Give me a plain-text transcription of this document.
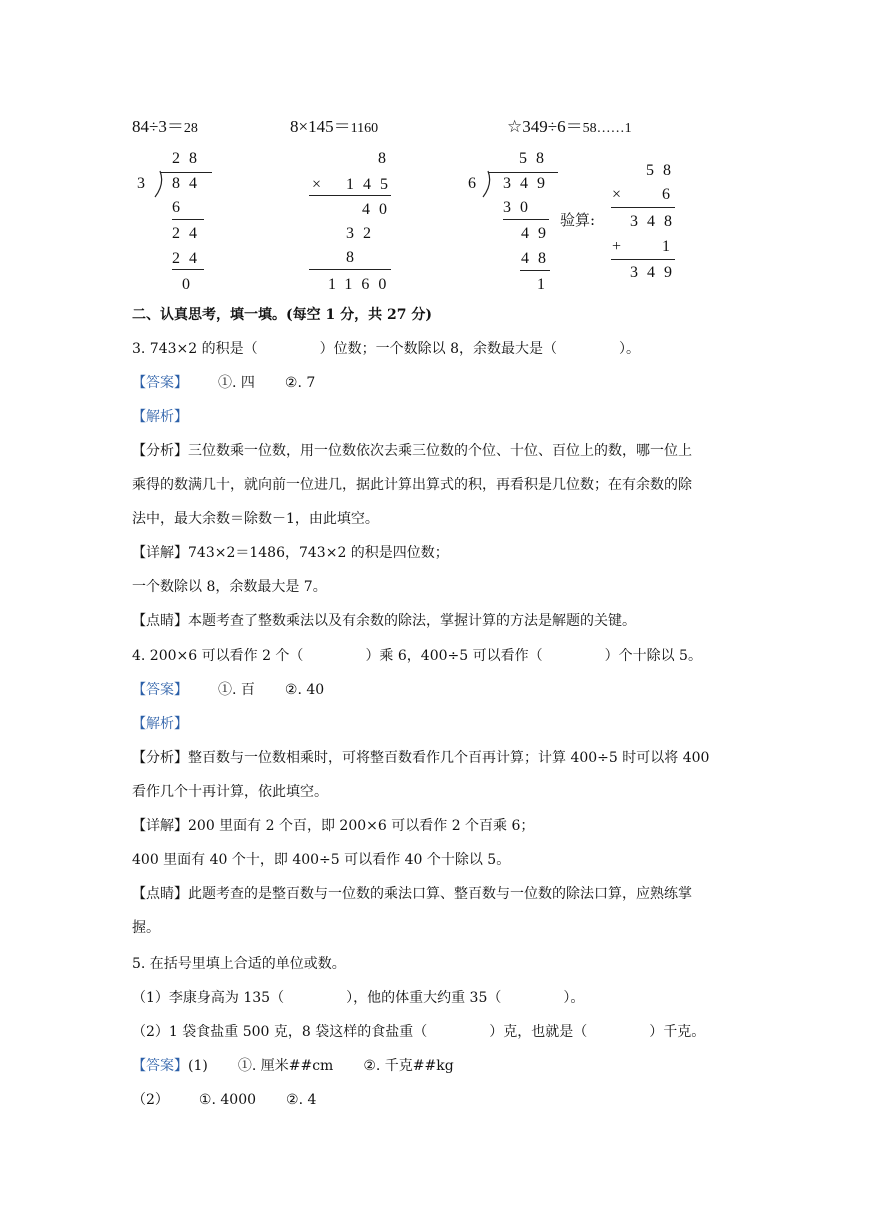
84÷3＝28	8×145＝1160	☆349÷6＝58……1
28
3 84
6
24
24
0
8
× 145
40
32
8
1160
58
6 349
30
49
48
1
验算:
58
× 6
348
+ 1
349
二、认真思考，填一填。(每空 1 分，共 27 分)
3. 743×2 的积是（	）位数；一个数除以 8，余数最大是（	）。
【答案】 ①. 四 ②. 7
【解析】
【分析】三位数乘一位数，用一位数依次去乘三位数的个位、十位、百位上的数，哪一位上
乘得的数满几十，就向前一位进几，据此计算出算式的积，再看积是几位数；在有余数的除
法中，最大余数＝除数－1，由此填空。
【详解】743×2＝1486，743×2 的积是四位数；
一个数除以 8，余数最大是 7。
【点睛】本题考查了整数乘法以及有余数的除法，掌握计算的方法是解题的关键。
4. 200×6 可以看作 2 个（	）乘 6，400÷5 可以看作（	）个十除以 5。
【答案】 ①. 百 ②. 40
【解析】
【分析】整百数与一位数相乘时，可将整百数看作几个百再计算；计算 400÷5 时可以将 400
看作几个十再计算，依此填空。
【详解】200 里面有 2 个百，即 200×6 可以看作 2 个百乘 6；
400 里面有 40 个十，即 400÷5 可以看作 40 个十除以 5。
【点睛】此题考查的是整百数与一位数的乘法口算、整百数与一位数的除法口算，应熟练掌
握。
5. 在括号里填上合适的单位或数。
（1）李康身高为 135（	），他的体重大约重 35（	）。
（2）1 袋食盐重 500 克，8 袋这样的食盐重（	）克，也就是（	）千克。
【答案】(1) ①. 厘米##cm ②. 千克##kg
（2） ①. 4000 ②. 4
